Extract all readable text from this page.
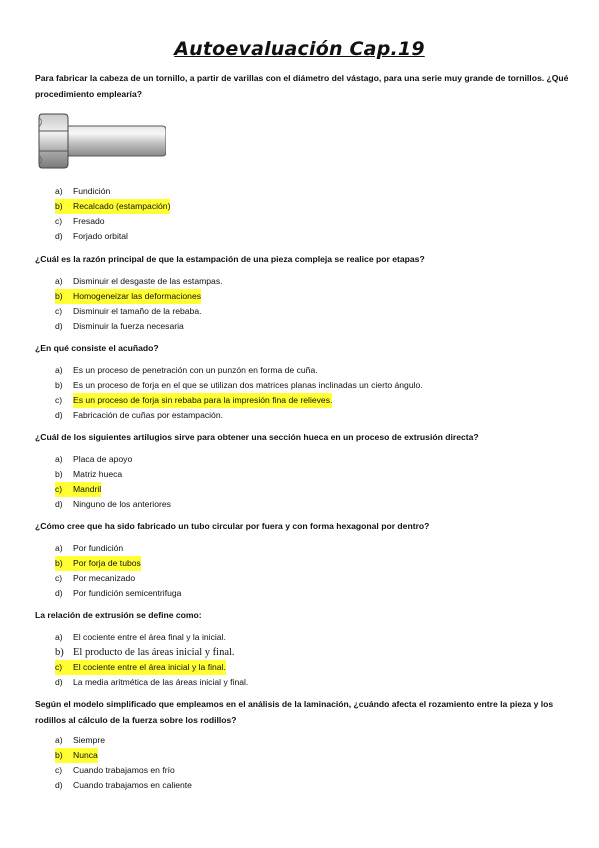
Autoevaluación Cap.19
Para fabricar la cabeza de un tornillo, a partir de varillas con el diámetro del vástago, para una serie muy grande de tornillos. ¿Qué procedimiento emplearía?
a) Fundición
b) Recalcado (estampación)
c) Fresado
d) Forjado orbital
¿Cuál es la razón principal de que la estampación de una pieza compleja se realice por etapas?
a) Disminuir el desgaste de las estampas.
b) Homogeneizar las deformaciones
c) Disminuir el tamaño de la rebaba.
d) Disminuir la fuerza necesaria
¿En qué consiste el acuñado?
a) Es un proceso de penetración con un punzón en forma de cuña.
b) Es un proceso de forja en el que se utilizan dos matrices planas inclinadas un cierto ángulo.
c) Es un proceso de forja sin rebaba para la impresión fina de relieves.
d) Fabricación de cuñas por estampación.
¿Cuál de los siguientes artilugios sirve para obtener una sección hueca en un proceso de extrusión directa?
a) Placa de apoyo
b) Matriz hueca
c) Mandril
d) Ninguno de los anteriores
¿Cómo cree que ha sido fabricado un tubo circular por fuera y con forma hexagonal por dentro?
a) Por fundición
b) Por forja de tubos
c) Por mecanizado
d) Por fundición semicentrifuga
La relación de extrusión se define como:
a) El cociente entre el área final y la inicial.
b) El producto de las áreas inicial y final.
c) El cociente entre el área inicial y la final.
d) La media aritmética de las áreas inicial y final.
Según el modelo simplificado que empleamos en el análisis de la laminación, ¿cuándo afecta el rozamiento entre la pieza y los rodillos al cálculo de la fuerza sobre los rodillos?
a) Siempre
b) Nunca
c) Cuando trabajamos en frío
d) Cuando trabajamos en caliente
